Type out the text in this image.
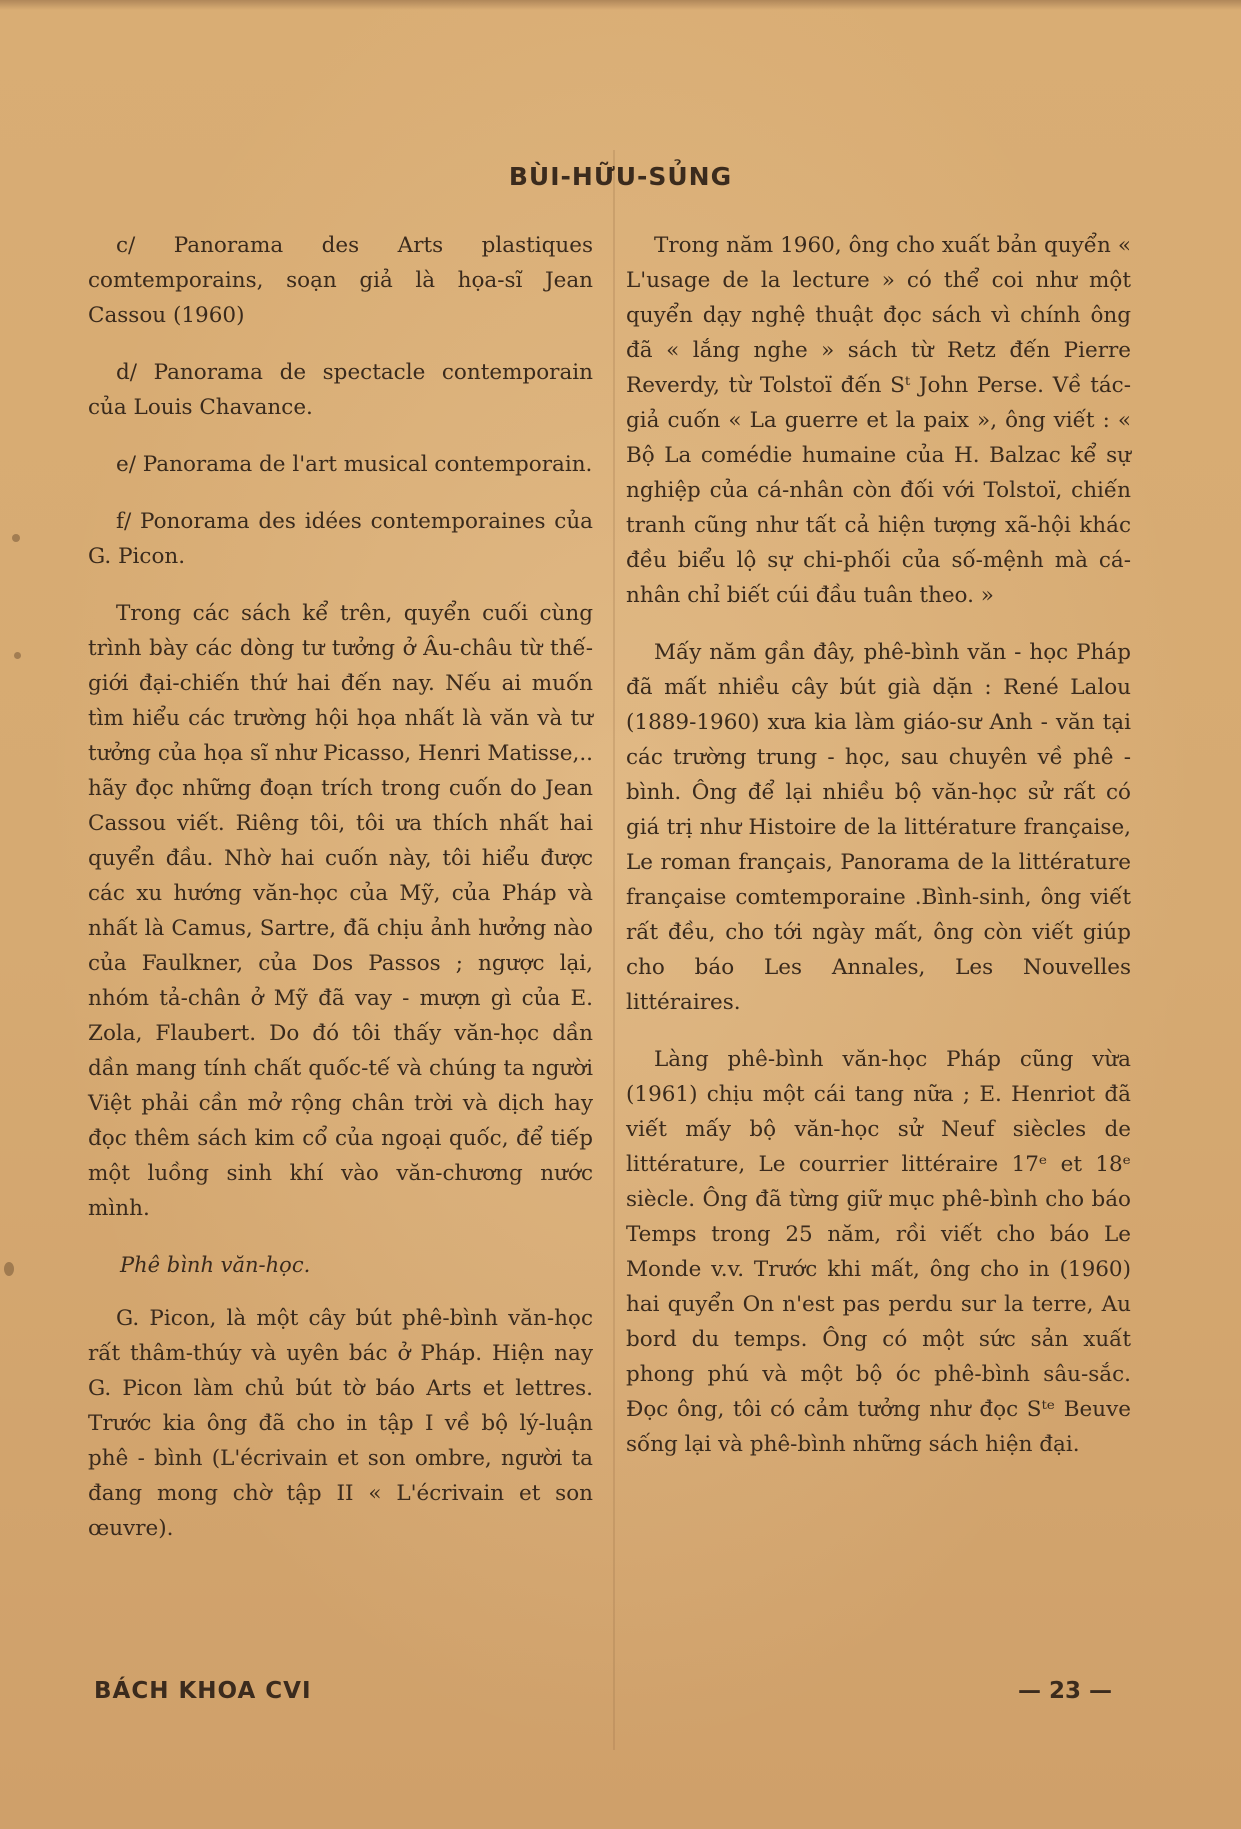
BÙI-HỮU-SỦNG

c/ Panorama des Arts plastiques comtemporains, soạn giả là họa-sĩ Jean Cassou (1960)

d/ Panorama de spectacle contemporain của Louis Chavance.

e/ Panorama de l'art musical contemporain.

f/ Ponorama des idées contemporaines của G. Picon.

Trong các sách kể trên, quyển cuối cùng trình bày các dòng tư tưởng ở Âu-châu từ thế-giới đại-chiến thứ hai đến nay. Nếu ai muốn tìm hiểu các trường hội họa nhất là văn và tư tưởng của họa sĩ như Picasso, Henri Matisse,.. hãy đọc những đoạn trích trong cuốn do Jean Cassou viết. Riêng tôi, tôi ưa thích nhất hai quyển đầu. Nhờ hai cuốn này, tôi hiểu được các xu hướng văn-học của Mỹ, của Pháp và nhất là Camus, Sartre, đã chịu ảnh hưởng nào của Faulkner, của Dos Passos ; ngược lại, nhóm tả-chân ở Mỹ đã vay - mượn gì của E. Zola, Flaubert. Do đó tôi thấy văn-học dần dần mang tính chất quốc-tế và chúng ta người Việt phải cần mở rộng chân trời và dịch hay đọc thêm sách kim cổ của ngoại quốc, để tiếp một luồng sinh khí vào văn-chương nước mình.

Phê bình văn-học.

G. Picon, là một cây bút phê-bình văn-học rất thâm-thúy và uyên bác ở Pháp. Hiện nay G. Picon làm chủ bút tờ báo Arts et lettres. Trước kia ông đã cho in tập I về bộ lý-luận phê - bình (L'écrivain et son ombre, người ta đang mong chờ tập II « L'écrivain et son œuvre).

Trong năm 1960, ông cho xuất bản quyển « L'usage de la lecture » có thể coi như một quyển dạy nghệ thuật đọc sách vì chính ông đã « lắng nghe » sách từ Retz đến Pierre Reverdy, từ Tolstoï đến Sᵗ John Perse. Về tác-giả cuốn « La guerre et la paix », ông viết : « Bộ La comédie humaine của H. Balzac kể sự nghiệp của cá-nhân còn đối với Tolstoï, chiến tranh cũng như tất cả hiện tượng xã-hội khác đều biểu lộ sự chi-phối của số-mệnh mà cá-nhân chỉ biết cúi đầu tuân theo. »

Mấy năm gần đây, phê-bình văn - học Pháp đã mất nhiều cây bút già dặn : René Lalou (1889-1960) xưa kia làm giáo-sư Anh - văn tại các trường trung - học, sau chuyên về phê - bình. Ông để lại nhiều bộ văn-học sử rất có giá trị như Histoire de la littérature française, Le roman français, Panorama de la littérature française comtemporaine .Bình-sinh, ông viết rất đều, cho tới ngày mất, ông còn viết giúp cho báo Les Annales, Les Nouvelles littéraires.

Làng phê-bình văn-học Pháp cũng vừa (1961) chịu một cái tang nữa ; E. Henriot đã viết mấy bộ văn-học sử Neuf siècles de littérature, Le courrier littéraire 17ᵉ et 18ᵉ siècle. Ông đã từng giữ mục phê-bình cho báo Temps trong 25 năm, rồi viết cho báo Le Monde v.v. Trước khi mất, ông cho in (1960) hai quyển On n'est pas perdu sur la terre, Au bord du temps. Ông có một sức sản xuất phong phú và một bộ óc phê-bình sâu-sắc. Đọc ông, tôi có cảm tưởng như đọc Sᵗᵉ Beuve sống lại và phê-bình những sách hiện đại.

BÁCH KHOA CVI	— 23 —
